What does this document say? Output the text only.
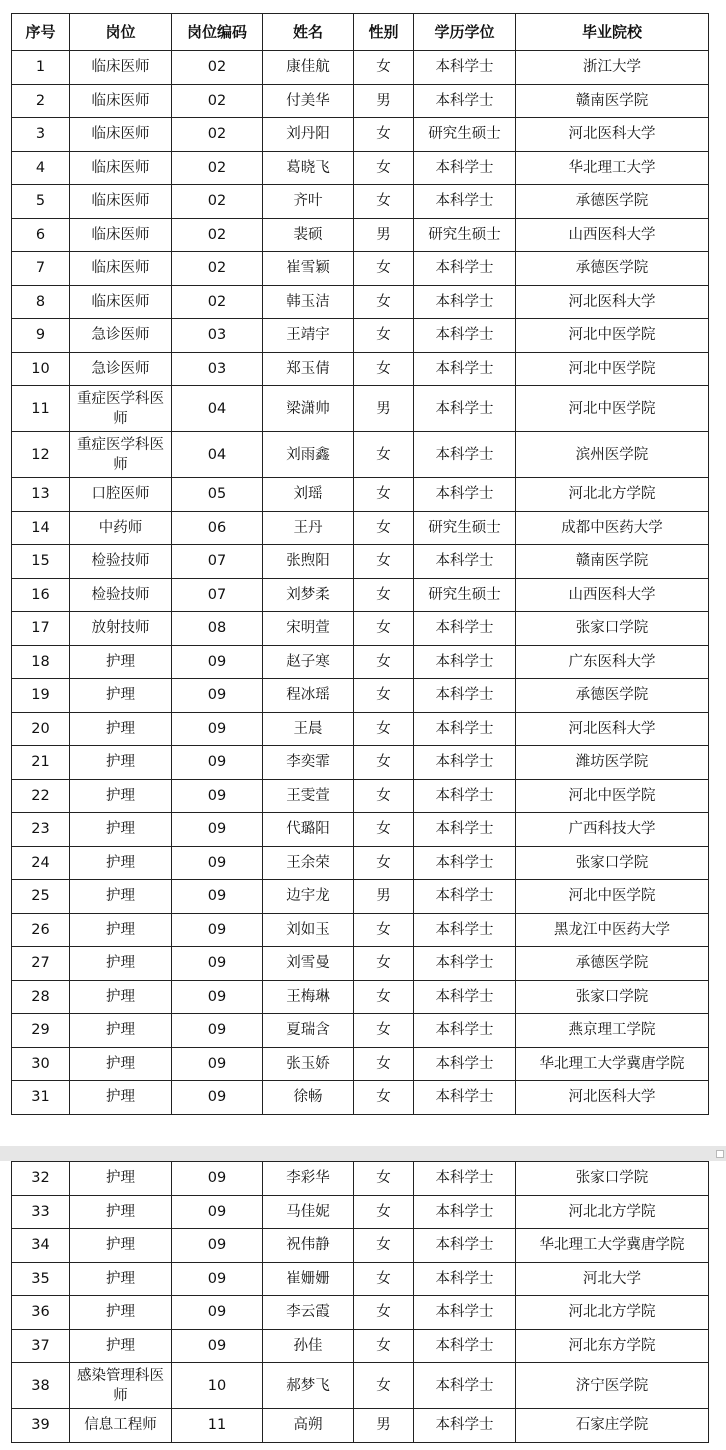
序号	岗位	岗位编码	姓名	性别	学历学位	毕业院校
1	临床医师	02	康佳航	女	本科学士	浙江大学
2	临床医师	02	付美华	男	本科学士	赣南医学院
3	临床医师	02	刘丹阳	女	研究生硕士	河北医科大学
4	临床医师	02	葛晓飞	女	本科学士	华北理工大学
5	临床医师	02	齐叶	女	本科学士	承德医学院
6	临床医师	02	裴硕	男	研究生硕士	山西医科大学
7	临床医师	02	崔雪颖	女	本科学士	承德医学院
8	临床医师	02	韩玉洁	女	本科学士	河北医科大学
9	急诊医师	03	王靖宇	女	本科学士	河北中医学院
10	急诊医师	03	郑玉倩	女	本科学士	河北中医学院
11	重症医学科医师	04	梁潇帅	男	本科学士	河北中医学院
12	重症医学科医师	04	刘雨鑫	女	本科学士	滨州医学院
13	口腔医师	05	刘瑶	女	本科学士	河北北方学院
14	中药师	06	王丹	女	研究生硕士	成都中医药大学
15	检验技师	07	张煦阳	女	本科学士	赣南医学院
16	检验技师	07	刘梦柔	女	研究生硕士	山西医科大学
17	放射技师	08	宋明萱	女	本科学士	张家口学院
18	护理	09	赵子寒	女	本科学士	广东医科大学
19	护理	09	程冰瑶	女	本科学士	承德医学院
20	护理	09	王晨	女	本科学士	河北医科大学
21	护理	09	李奕霏	女	本科学士	潍坊医学院
22	护理	09	王雯萱	女	本科学士	河北中医学院
23	护理	09	代璐阳	女	本科学士	广西科技大学
24	护理	09	王余荣	女	本科学士	张家口学院
25	护理	09	边宇龙	男	本科学士	河北中医学院
26	护理	09	刘如玉	女	本科学士	黑龙江中医药大学
27	护理	09	刘雪曼	女	本科学士	承德医学院
28	护理	09	王梅琳	女	本科学士	张家口学院
29	护理	09	夏瑞含	女	本科学士	燕京理工学院
30	护理	09	张玉娇	女	本科学士	华北理工大学冀唐学院
31	护理	09	徐畅	女	本科学士	河北医科大学
32	护理	09	李彩华	女	本科学士	张家口学院
33	护理	09	马佳妮	女	本科学士	河北北方学院
34	护理	09	祝伟静	女	本科学士	华北理工大学冀唐学院
35	护理	09	崔姗姗	女	本科学士	河北大学
36	护理	09	李云霞	女	本科学士	河北北方学院
37	护理	09	孙佳	女	本科学士	河北东方学院
38	感染管理科医师	10	郝梦飞	女	本科学士	济宁医学院
39	信息工程师	11	高朔	男	本科学士	石家庄学院
